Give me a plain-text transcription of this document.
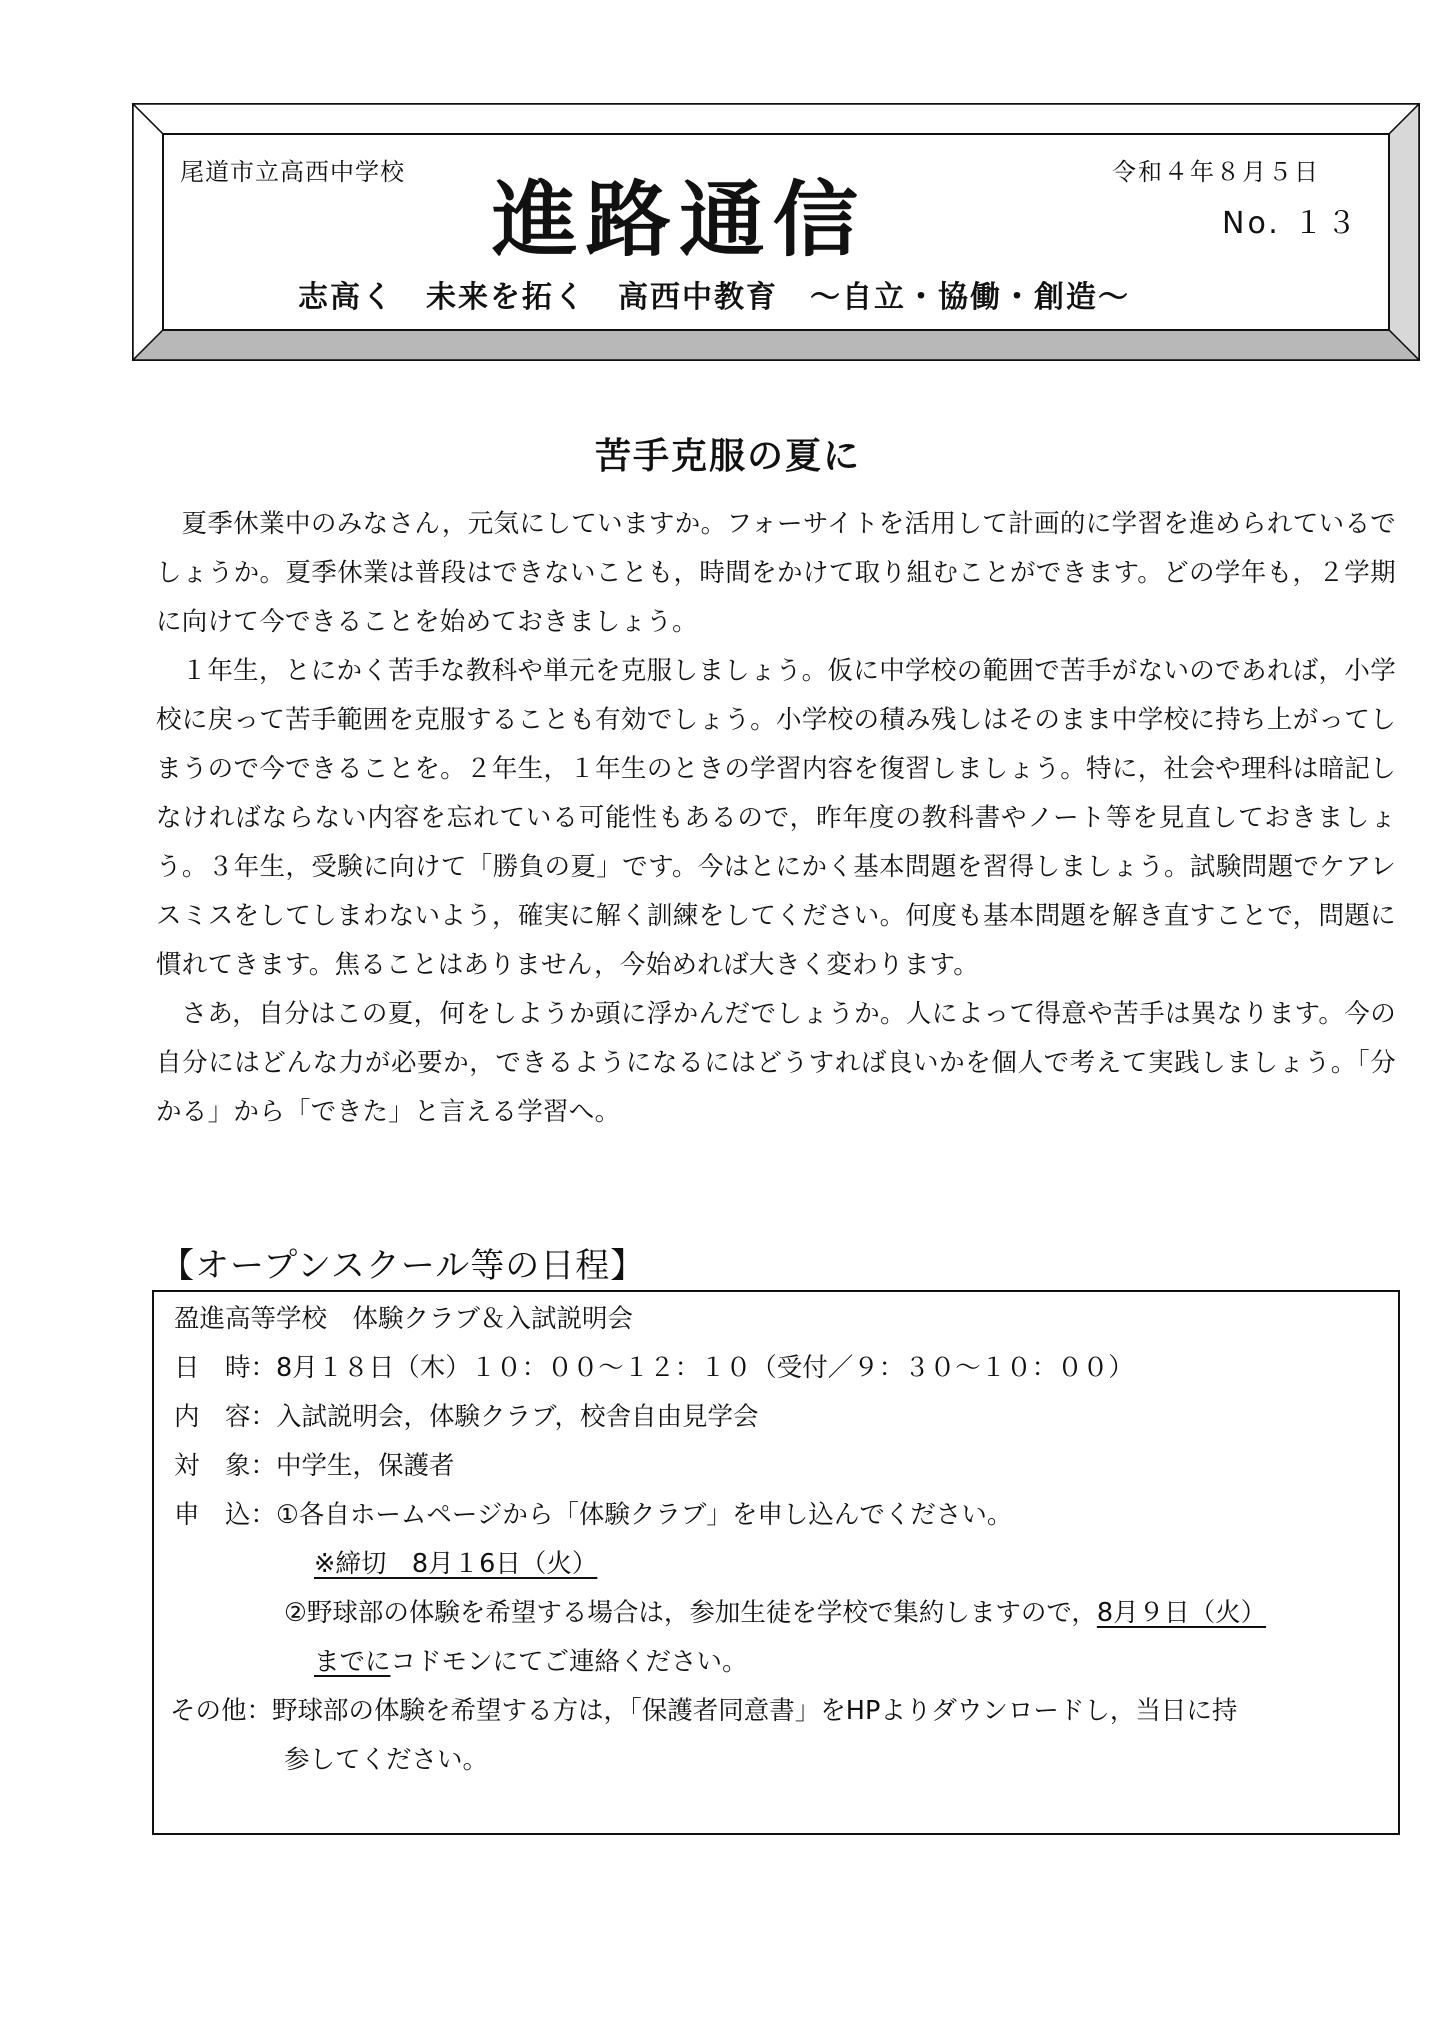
尾道市立高西中学校	令和４年８月５日
進路通信	No. １３
志高く　未来を拓く　高西中教育　～自立・協働・創造～
苦手克服の夏に

夏季休業中のみなさん，元気にしていますか。フォーサイトを活用して計画的に学習を進められているでしょうか。夏季休業は普段はできないことも，時間をかけて取り組むことができます。どの学年も，２学期に向けて今できることを始めておきましょう。

１年生，とにかく苦手な教科や単元を克服しましょう。仮に中学校の範囲で苦手がないのであれば，小学校に戻って苦手範囲を克服することも有効でしょう。小学校の積み残しはそのまま中学校に持ち上がってしまうので今できることを。２年生，１年生のときの学習内容を復習しましょう。特に，社会や理科は暗記しなければならない内容を忘れている可能性もあるので，昨年度の教科書やノート等を見直しておきましょう。３年生，受験に向けて「勝負の夏」です。今はとにかく基本問題を習得しましょう。試験問題でケアレスミスをしてしまわないよう，確実に解く訓練をしてください。何度も基本問題を解き直すことで，問題に慣れてきます。焦ることはありません，今始めれば大きく変わります。

さあ，自分はこの夏，何をしようか頭に浮かんだでしょうか。人によって得意や苦手は異なります。今の自分にはどんな力が必要か，できるようになるにはどうすれば良いかを個人で考えて実践しましょう。「分かる」から「できた」と言える学習へ。

【オープンスクール等の日程】
盈進高等学校　体験クラブ＆入試説明会
日　時：8月１８日（木）１０：００～１２：１０（受付／９：３０～１０：００）
内　容：入試説明会，体験クラブ，校舎自由見学会
対　象：中学生，保護者
申　込：①各自ホームページから「体験クラブ」を申し込んでください。
※締切　8月１6日（火）
②野球部の体験を希望する場合は，参加生徒を学校で集約しますので，8月９日（火）
までにコドモンにてご連絡ください。
その他：野球部の体験を希望する方は，「保護者同意書」をHPよりダウンロードし，当日に持
参してください。
